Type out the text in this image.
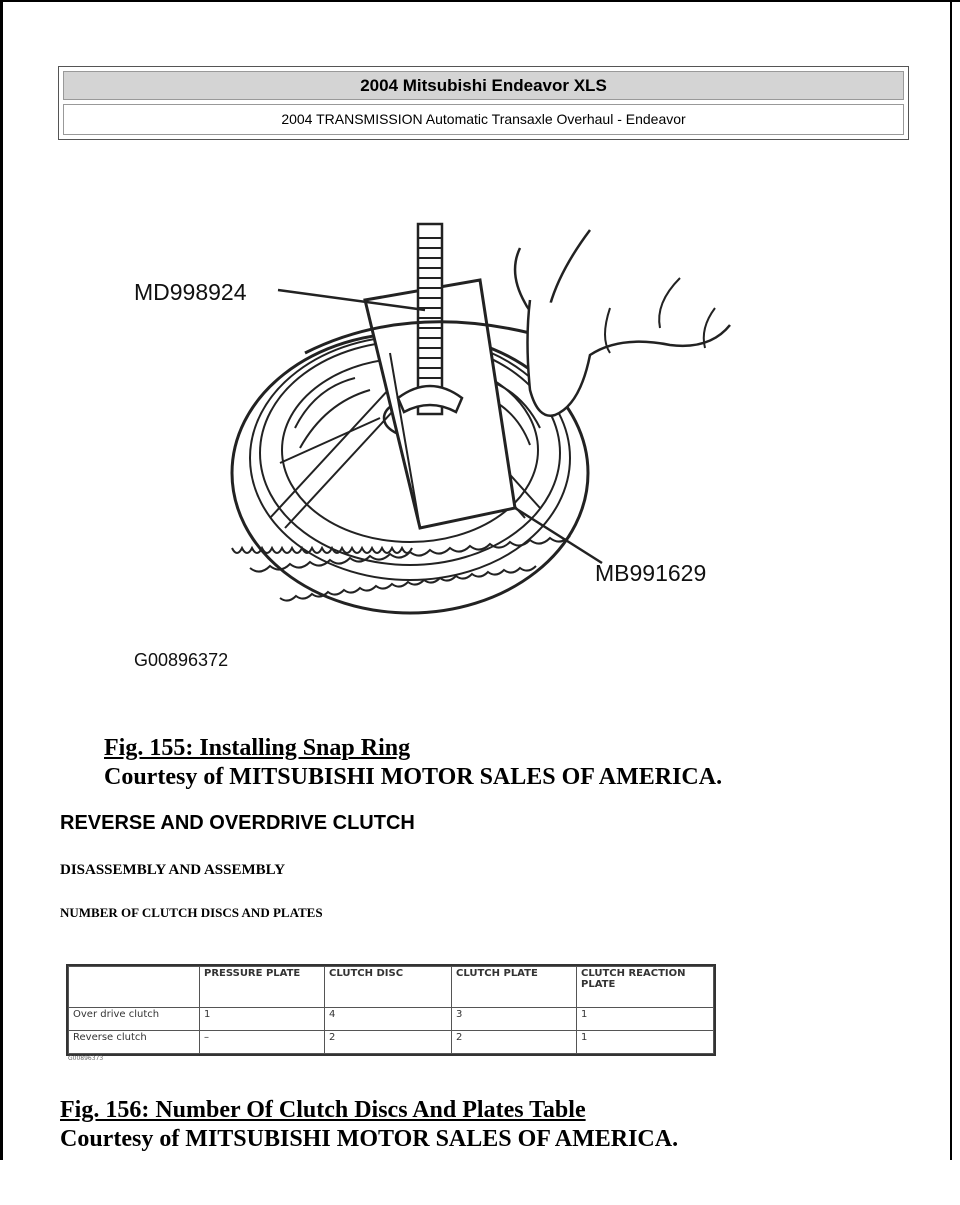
2004 Mitsubishi Endeavor XLS
2004 TRANSMISSION Automatic Transaxle Overhaul - Endeavor
MD998924
MB991629
G00896372
Fig. 155: Installing Snap Ring
Courtesy of MITSUBISHI MOTOR SALES OF AMERICA.
REVERSE AND OVERDRIVE CLUTCH
DISASSEMBLY AND ASSEMBLY
NUMBER OF CLUTCH DISCS AND PLATES
	PRESSURE PLATE	CLUTCH DISC	CLUTCH PLATE	CLUTCH REACTION PLATE
Over drive clutch	1	4	3	1
Reverse clutch	–	2	2	1
G00896373
Fig. 156: Number Of Clutch Discs And Plates Table
Courtesy of MITSUBISHI MOTOR SALES OF AMERICA.
